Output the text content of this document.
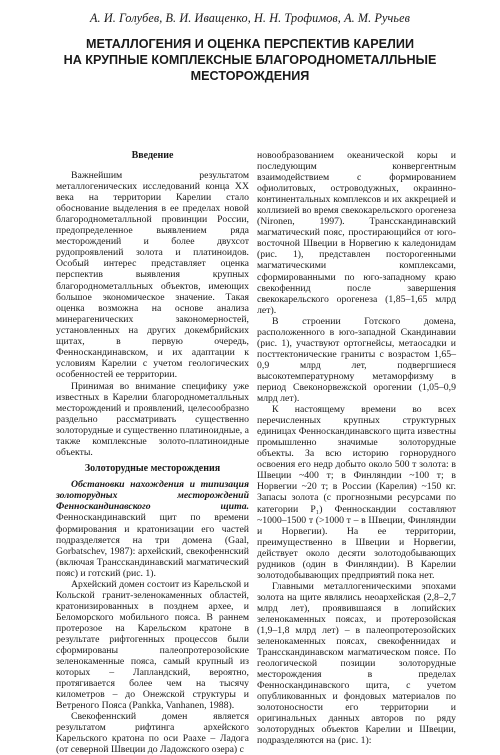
А. И. Голубев, В. И. Иващенко, Н. Н. Трофимов, А. М. Ручьев
МЕТАЛЛОГЕНИЯ И ОЦЕНКА ПЕРСПЕКТИВ КАРЕЛИИ
НА КРУПНЫЕ КОМПЛЕКСНЫЕ БЛАГОРОДНОМЕТАЛЛЬНЫЕ
МЕСТОРОЖДЕНИЯ
Введение

Важнейшим результатом металлогенических исследований конца XX века на территории Карелии стало обоснование выделения в ее пределах новой благороднометалльной провинции России, предопределенное выявлением ряда месторождений и более двухсот рудопроявлений золота и платиноидов. Особый интерес представляет оценка перспектив выявления крупных благороднометалльных объектов, имеющих большое экономическое значение. Такая оценка возможна на основе анализа минерагенических закономерностей, установленных на других докембрийских щитах, в первую очередь, Фенноскандинавском, и их адаптации к условиям Карелии с учетом геологических особенностей ее территории.

Принимая во внимание специфику уже известных в Карелии благороднометалльных месторождений и проявлений, целесообразно раздельно рассматривать существенно золоторудные и существенно платиноидные, а также комплексные золото-платиноидные объекты.

Золоторудные месторождения

Обстановки нахождения и типизация золоторудных месторождений Фенноскандинавского щита. Фенноскандинавский щит по времени формирования и кратонизации его частей подразделяется на три домена (Gaal, Gorbatschev, 1987): архейский, свекофеннский (включая Трансскандинавский магматический пояс) и готский (рис. 1).

Архейский домен состоит из Карельской и Кольской гранит-зеленокаменных областей, кратонизированных в позднем архее, и Беломорского мобильного пояса. В раннем протерозое на Карельском кратоне в результате рифтогенных процессов были сформированы палеопротерозойские зеленокаменные пояса, самый крупный из которых – Лапландский, вероятно, протягивается более чем на тысячу километров – до Онежской структуры и Ветреного Пояса (Pankka, Vanhanen, 1988).

Свекофеннский домен является результатом рифтинга архейского Карельского кратона по оси Раахе – Ладога (от северной Швеции до Ладожского озера) с

новообразованием океанической коры и последующим конвергентным взаимодействием с формированием офиолитовых, островодужных, окраинно-континентальных комплексов и их аккрецией и коллизией во время свекокарельского орогенеза (Nironen, 1997). Трансскандинавский магматический пояс, простирающийся от юго-восточной Швеции в Норвегию к каледонидам (рис. 1), представлен посторогенными магматическими комплексами, сформированными по юго-западному краю свекофеннид после завершения свекокарельского орогенеза (1,85–1,65 млрд лет).

В строении Готского домена, расположенного в юго-западной Скандинавии (рис. 1), участвуют ортогнейсы, метаосадки и посттектонические граниты с возрастом 1,65–0,9 млрд лет, подвергшиеся высокотемпературному метаморфизму в период Свеконорвежской орогении (1,05–0,9 млрд лет).

К настоящему времени во всех перечисленных крупных структурных единицах Фенноскандинавского щита известны промышленно значимые золоторудные объекты. За всю историю горнорудного освоения его недр добыто около 500 т золота: в Швеции ~400 т; в Финляндии ~100 т; в Норвегии ~20 т; в России (Карелия) ~150 кг. Запасы золота (с прогнозными ресурсами по категории P₁) Фенноскандии составляют ~1000–1500 т (>1000 т – в Швеции, Финляндии и Норвегии). На ее территории, преимущественно в Швеции и Норвегии, действует около десяти золотодобывающих рудников (один в Финляндии). В Карелии золотодобывающих предприятий пока нет.

Главными металлогеническими эпохами золота на щите являлись неоархейская (2,8–2,7 млрд лет), проявившаяся в лопийских зеленокаменных поясах, и протерозойская (1,9–1,8 млрд лет) – в палеопротерозойских зеленокаменных поясах, свекофеннидах и Трансскандинавском магматическом поясе. По геологической позиции золоторудные месторождения в пределах Фенноскандинавского щита, с учетом опубликованных и фондовых материалов по золотоносности его территории и оригинальных данных авторов по ряду золоторудных объектов Карелии и Швеции, подразделяются на (рис. 1):
